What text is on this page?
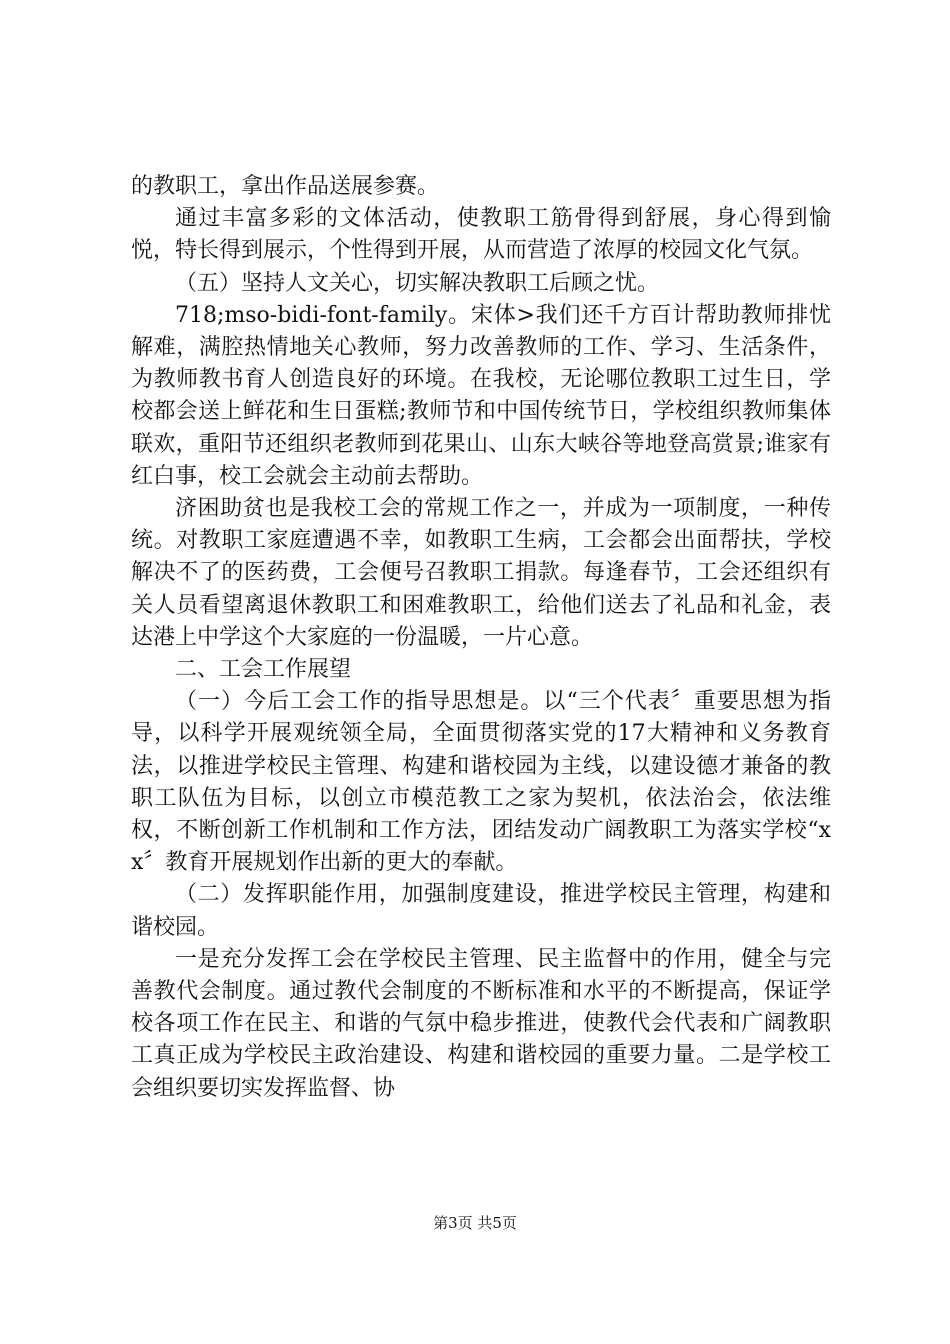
的教职工，拿出作品送展参赛。

通过丰富多彩的文体活动，使教职工筋骨得到舒展，身心得到愉悦，特长得到展示，个性得到开展，从而营造了浓厚的校园文化气氛。

（五）坚持人文关心，切实解决教职工后顾之忧。

718;mso-bidi-font-family。宋体>我们还千方百计帮助教师排忧解难，满腔热情地关心教师，努力改善教师的工作、学习、生活条件，为教师教书育人创造良好的环境。在我校，无论哪位教职工过生日，学校都会送上鲜花和生日蛋糕;教师节和中国传统节日，学校组织教师集体联欢，重阳节还组织老教师到花果山、山东大峡谷等地登高赏景;谁家有红白事，校工会就会主动前去帮助。

济困助贫也是我校工会的常规工作之一，并成为一项制度，一种传统。对教职工家庭遭遇不幸，如教职工生病，工会都会出面帮扶，学校解决不了的医药费，工会便号召教职工捐款。每逢春节，工会还组织有关人员看望离退休教职工和困难教职工，给他们送去了礼品和礼金，表达港上中学这个大家庭的一份温暖，一片心意。

二、工会工作展望

（一）今后工会工作的指导思想是。以“三个代表〞重要思想为指导，以科学开展观统领全局，全面贯彻落实党的17大精神和义务教育法，以推进学校民主管理、构建和谐校园为主线，以建设德才兼备的教职工队伍为目标，以创立市模范教工之家为契机，依法治会，依法维权，不断创新工作机制和工作方法，团结发动广阔教职工为落实学校“xx〞教育开展规划作出新的更大的奉献。

（二）发挥职能作用，加强制度建设，推进学校民主管理，构建和谐校园。

一是充分发挥工会在学校民主管理、民主监督中的作用，健全与完善教代会制度。通过教代会制度的不断标准和水平的不断提高，保证学校各项工作在民主、和谐的气氛中稳步推进，使教代会代表和广阔教职工真正成为学校民主政治建设、构建和谐校园的重要力量。二是学校工会组织要切实发挥监督、协

第3页 共5页
